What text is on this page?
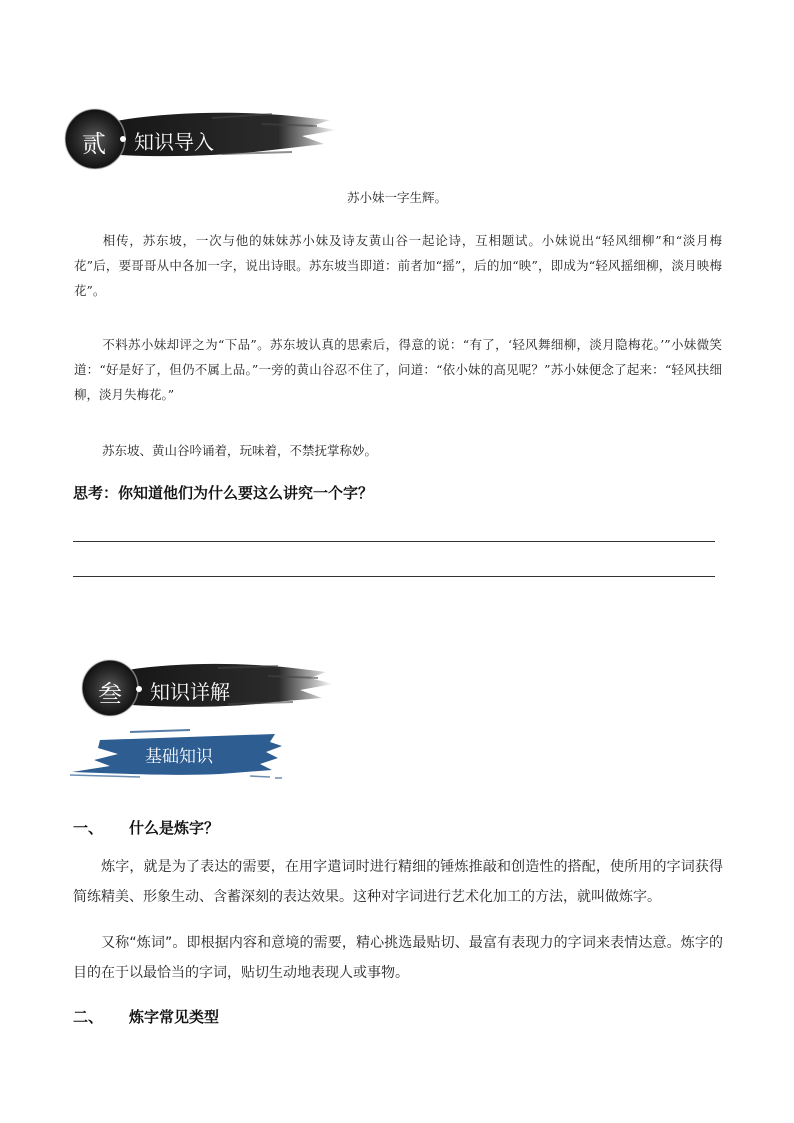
贰 知识导入
苏小妹一字生辉。

相传，苏东坡，一次与他的妹妹苏小妹及诗友黄山谷一起论诗，互相题试。小妹说出“轻风细柳”和“淡月梅花”后，要哥哥从中各加一字，说出诗眼。苏东坡当即道：前者加“摇”，后的加“映”，即成为“轻风摇细柳，淡月映梅花”。

不料苏小妹却评之为“下品”。苏东坡认真的思索后，得意的说：“有了，‘轻风舞细柳，淡月隐梅花。’”小妹微笑道：“好是好了，但仍不属上品。”一旁的黄山谷忍不住了，问道：“依小妹的高见呢？”苏小妹便念了起来：“轻风扶细柳，淡月失梅花。”

苏东坡、黄山谷吟诵着，玩味着，不禁抚掌称妙。

思考：你知道他们为什么要这么讲究一个字？
叁 知识详解
基础知识
一、 什么是炼字？

炼字，就是为了表达的需要，在用字遣词时进行精细的锤炼推敲和创造性的搭配，使所用的字词获得简练精美、形象生动、含蓄深刻的表达效果。这种对字词进行艺术化加工的方法，就叫做炼字。

又称“炼词”。即根据内容和意境的需要，精心挑选最贴切、最富有表现力的字词来表情达意。炼字的目的在于以最恰当的字词，贴切生动地表现人或事物。

二、 炼字常见类型
